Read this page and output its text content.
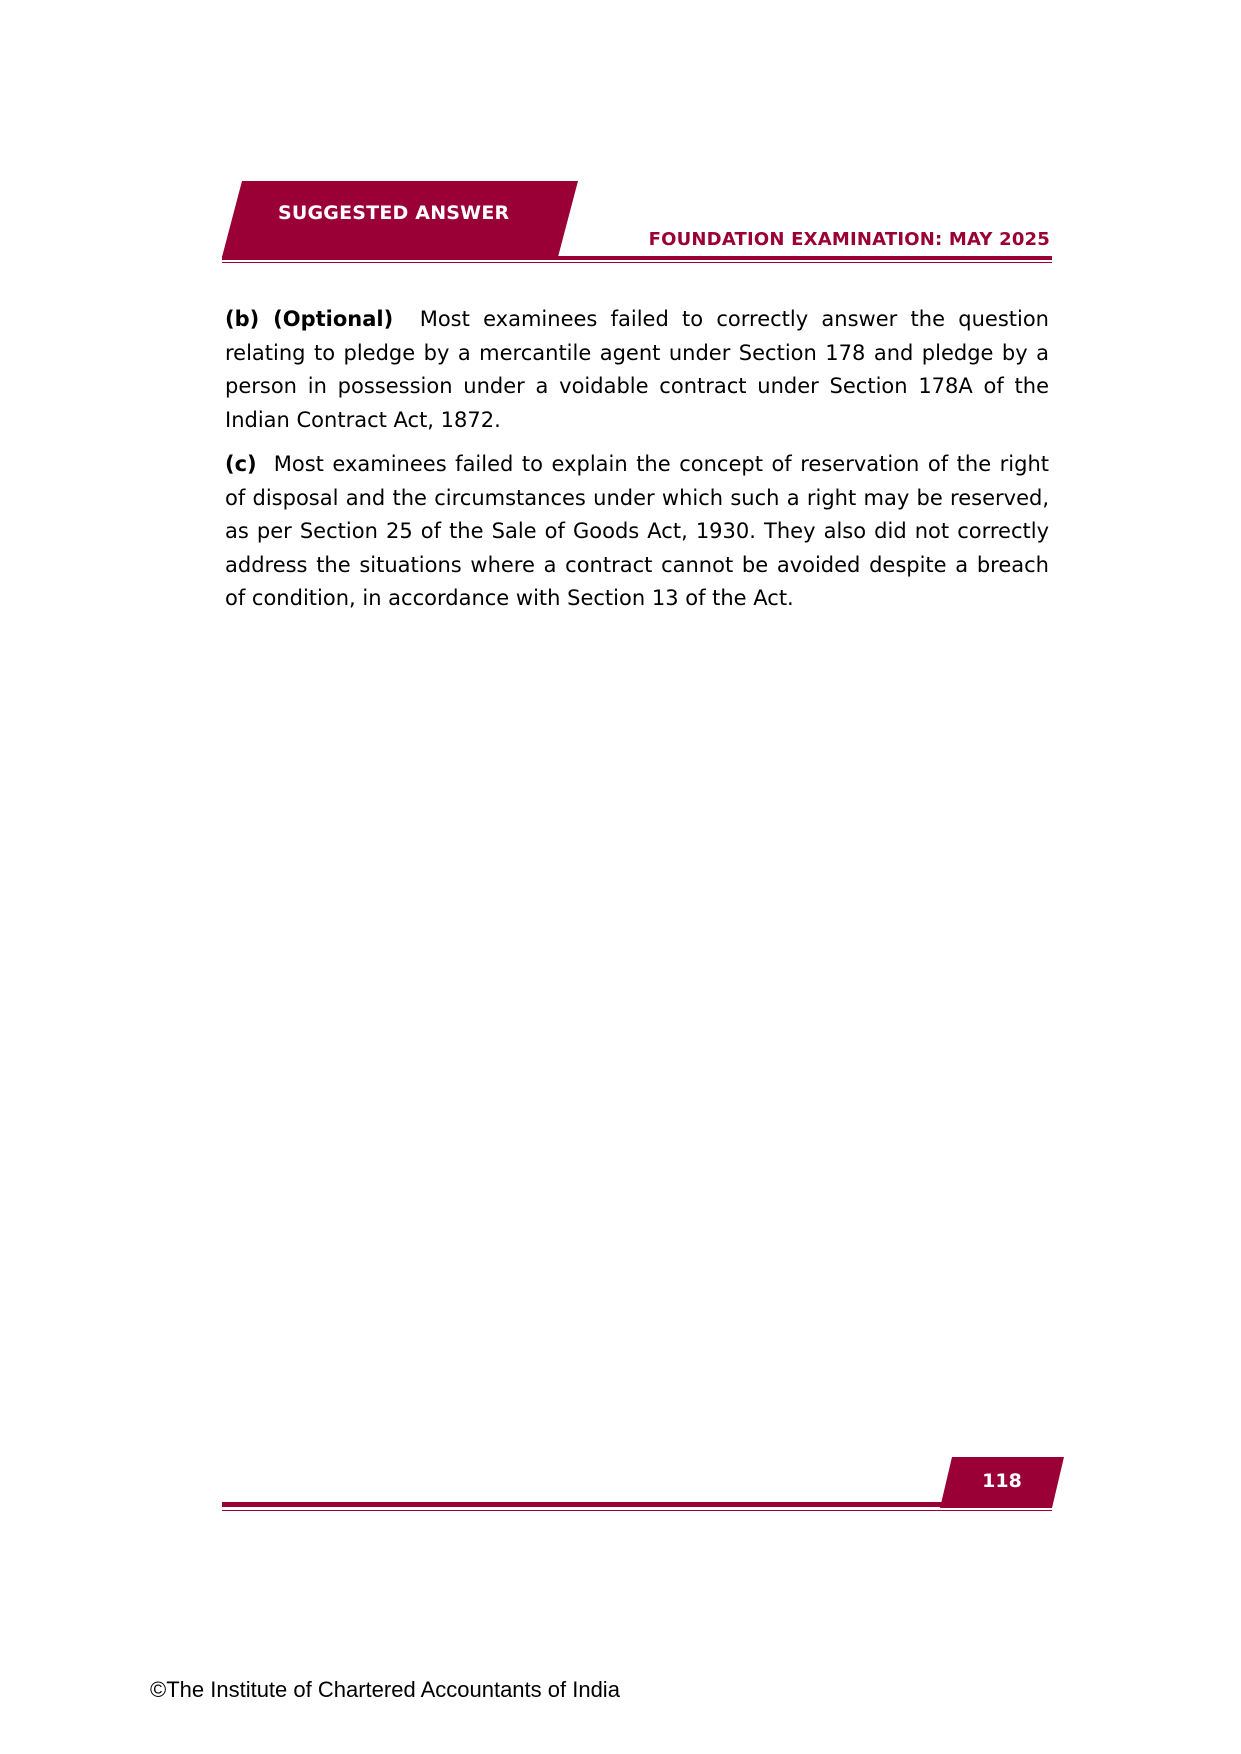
SUGGESTED ANSWER
FOUNDATION EXAMINATION: MAY 2025

(b) (Optional) Most examinees failed to correctly answer the question relating to pledge by a mercantile agent under Section 178 and pledge by a person in possession under a voidable contract under Section 178A of the Indian Contract Act, 1872.

(c) Most examinees failed to explain the concept of reservation of the right of disposal and the circumstances under which such a right may be reserved, as per Section 25 of the Sale of Goods Act, 1930. They also did not correctly address the situations where a contract cannot be avoided despite a breach of condition, in accordance with Section 13 of the Act.

118
©The Institute of Chartered Accountants of India
